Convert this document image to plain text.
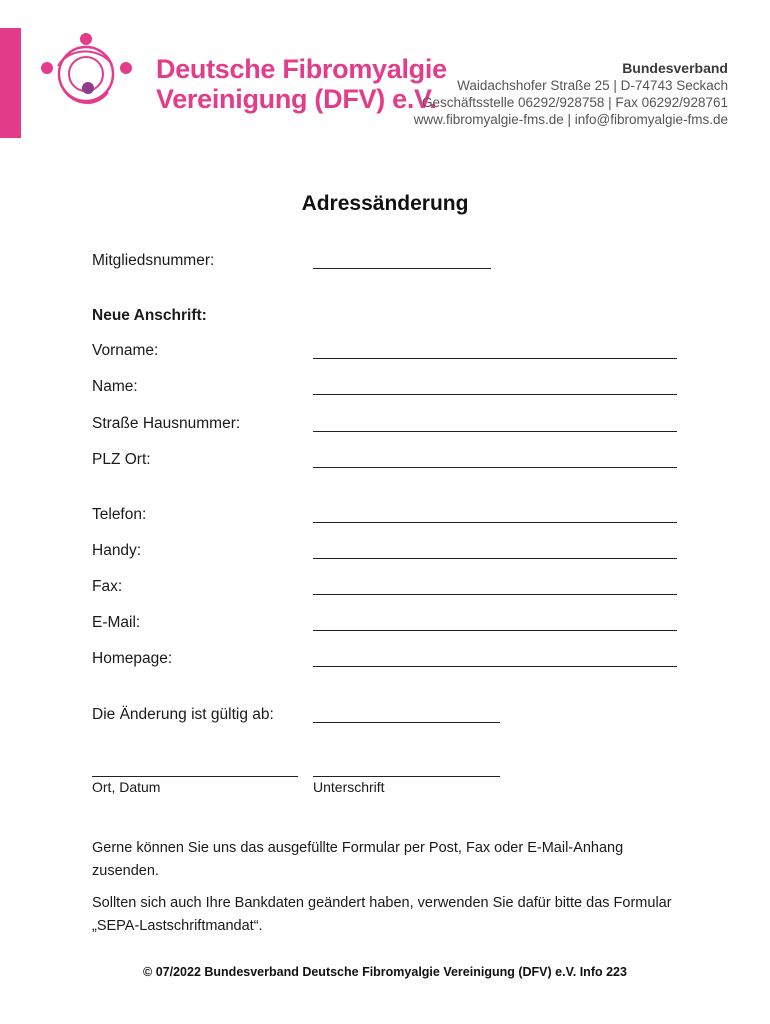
Deutsche Fibromyalgie
Vereinigung (DFV) e.V.
Bundesverband
Waidachshofer Straße 25 | D-74743 Seckach
Geschäftsstelle 06292/928758 | Fax 06292/928761
www.fibromyalgie-fms.de | info@fibromyalgie-fms.de
Adressänderung
Mitgliedsnummer:
Neue Anschrift:
Vorname:
Name:
Straße Hausnummer:
PLZ Ort:
Telefon:
Handy:
Fax:
E-Mail:
Homepage:
Die Änderung ist gültig ab:
Ort, Datum	Unterschrift
Gerne können Sie uns das ausgefüllte Formular per Post, Fax oder E-Mail-Anhang zusenden.
Sollten sich auch Ihre Bankdaten geändert haben, verwenden Sie dafür bitte das Formular „SEPA-Lastschriftmandat“.
© 07/2022 Bundesverband Deutsche Fibromyalgie Vereinigung (DFV) e.V. Info 223
